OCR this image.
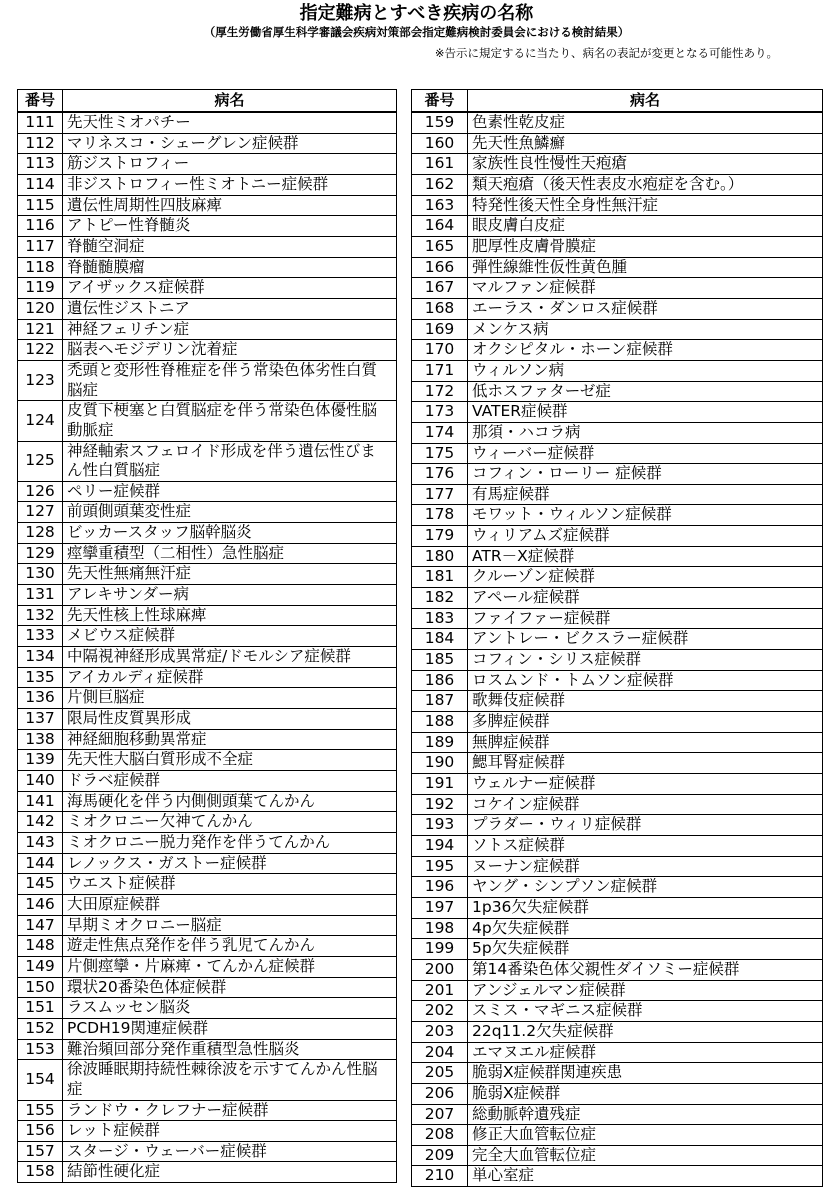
指定難病とすべき疾病の名称
（厚生労働省厚生科学審議会疾病対策部会指定難病検討委員会における検討結果）
※告示に規定するに当たり、病名の表記が変更となる可能性あり。
番号	病名
111	先天性ミオパチー
112	マリネスコ・シェーグレン症候群
113	筋ジストロフィー
114	非ジストロフィー性ミオトニー症候群
115	遺伝性周期性四肢麻痺
116	アトピー性脊髄炎
117	脊髄空洞症
118	脊髄髄膜瘤
119	アイザックス症候群
120	遺伝性ジストニア
121	神経フェリチン症
122	脳表ヘモジデリン沈着症
123	禿頭と変形性脊椎症を伴う常染色体劣性白質脳症
124	皮質下梗塞と白質脳症を伴う常染色体優性脳動脈症
125	神経軸索スフェロイド形成を伴う遺伝性びまん性白質脳症
126	ペリー症候群
127	前頭側頭葉変性症
128	ビッカースタッフ脳幹脳炎
129	痙攣重積型（二相性）急性脳症
130	先天性無痛無汗症
131	アレキサンダー病
132	先天性核上性球麻痺
133	メビウス症候群
134	中隔視神経形成異常症/ドモルシア症候群
135	アイカルディ症候群
136	片側巨脳症
137	限局性皮質異形成
138	神経細胞移動異常症
139	先天性大脳白質形成不全症
140	ドラベ症候群
141	海馬硬化を伴う内側側頭葉てんかん
142	ミオクロニー欠神てんかん
143	ミオクロニー脱力発作を伴うてんかん
144	レノックス・ガストー症候群
145	ウエスト症候群
146	大田原症候群
147	早期ミオクロニー脳症
148	遊走性焦点発作を伴う乳児てんかん
149	片側痙攣・片麻痺・てんかん症候群
150	環状20番染色体症候群
151	ラスムッセン脳炎
152	PCDH19関連症候群
153	難治頻回部分発作重積型急性脳炎
154	徐波睡眠期持続性棘徐波を示すてんかん性脳症
155	ランドウ・クレフナー症候群
156	レット症候群
157	スタージ・ウェーバー症候群
158	結節性硬化症
番号	病名
159	色素性乾皮症
160	先天性魚鱗癬
161	家族性良性慢性天疱瘡
162	類天疱瘡（後天性表皮水疱症を含む。）
163	特発性後天性全身性無汗症
164	眼皮膚白皮症
165	肥厚性皮膚骨膜症
166	弾性線維性仮性黄色腫
167	マルファン症候群
168	エーラス・ダンロス症候群
169	メンケス病
170	オクシピタル・ホーン症候群
171	ウィルソン病
172	低ホスファターゼ症
173	VATER症候群
174	那須・ハコラ病
175	ウィーバー症候群
176	コフィン・ローリー 症候群
177	有馬症候群
178	モワット・ウィルソン症候群
179	ウィリアムズ症候群
180	ATR－X症候群
181	クルーゾン症候群
182	アペール症候群
183	ファイファー症候群
184	アントレー・ビクスラー症候群
185	コフィン・シリス症候群
186	ロスムンド・トムソン症候群
187	歌舞伎症候群
188	多脾症候群
189	無脾症候群
190	鰓耳腎症候群
191	ウェルナー症候群
192	コケイン症候群
193	プラダー・ウィリ症候群
194	ソトス症候群
195	ヌーナン症候群
196	ヤング・シンプソン症候群
197	1p36欠失症候群
198	4p欠失症候群
199	5p欠失症候群
200	第14番染色体父親性ダイソミー症候群
201	アンジェルマン症候群
202	スミス・マギニス症候群
203	22q11.2欠失症候群
204	エマヌエル症候群
205	脆弱X症候群関連疾患
206	脆弱X症候群
207	総動脈幹遺残症
208	修正大血管転位症
209	完全大血管転位症
210	単心室症
